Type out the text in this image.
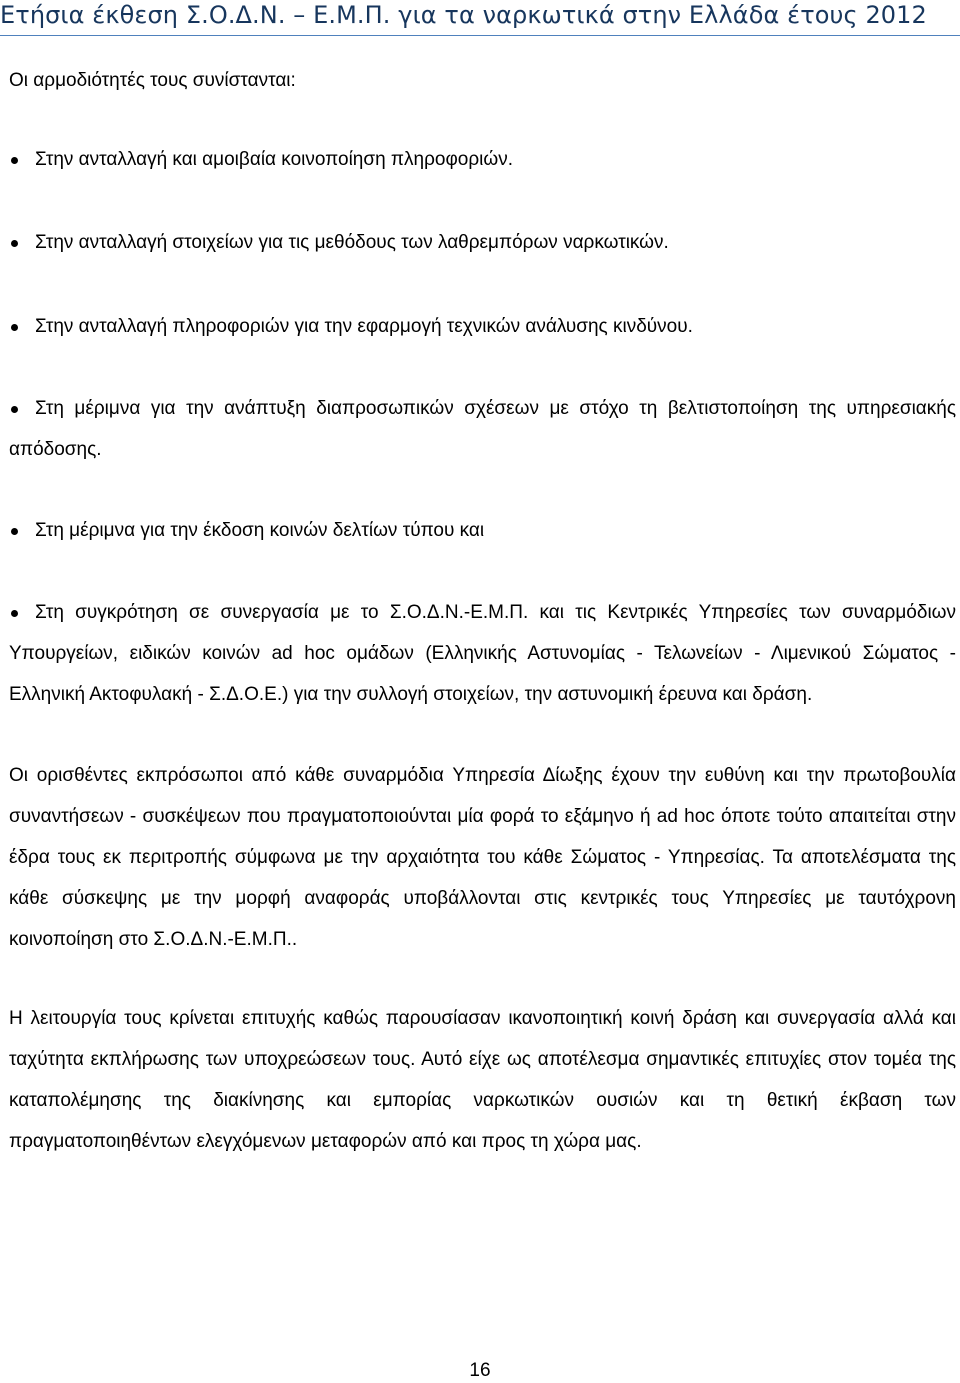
Ετήσια έκθεση Σ.Ο.Δ.Ν. – Ε.Μ.Π. για τα ναρκωτικά στην Ελλάδα έτους 2012

Οι αρμοδιότητές τους συνίστανται:

Στην ανταλλαγή και αμοιβαία κοινοποίηση πληροφοριών.
Στην ανταλλαγή στοιχείων για τις μεθόδους των λαθρεμπόρων ναρκωτικών.
Στην ανταλλαγή πληροφοριών για την εφαρμογή τεχνικών ανάλυσης κινδύνου.
Στη μέριμνα για την ανάπτυξη διαπροσωπικών σχέσεων με στόχο τη βελτιστοποίηση της υπηρεσιακής απόδοσης.
Στη μέριμνα για την έκδοση κοινών δελτίων τύπου και
Στη συγκρότηση σε συνεργασία με το Σ.Ο.Δ.Ν.-Ε.Μ.Π. και τις Κεντρικές Υπηρεσίες των συναρμόδιων Υπουργείων, ειδικών κοινών ad hoc ομάδων (Ελληνικής Αστυνομίας - Τελωνείων - Λιμενικού Σώματος - Ελληνική Ακτοφυλακή - Σ.Δ.Ο.Ε.) για την συλλογή στοιχείων, την αστυνομική έρευνα και δράση.

Οι ορισθέντες εκπρόσωποι από κάθε συναρμόδια Υπηρεσία Δίωξης έχουν την ευθύνη και την πρωτοβουλία συναντήσεων - συσκέψεων που πραγματοποιούνται μία φορά το εξάμηνο ή ad hoc όποτε τούτο απαιτείται στην έδρα τους εκ περιτροπής σύμφωνα με την αρχαιότητα του κάθε Σώματος - Υπηρεσίας. Τα αποτελέσματα της κάθε σύσκεψης με την μορφή αναφοράς υποβάλλονται στις κεντρικές τους Υπηρεσίες με ταυτόχρονη κοινοποίηση στο Σ.Ο.Δ.Ν.-Ε.Μ.Π..

Η λειτουργία τους κρίνεται επιτυχής καθώς παρουσίασαν ικανοποιητική κοινή δράση και συνεργασία αλλά και ταχύτητα εκπλήρωσης των υποχρεώσεων τους. Αυτό είχε ως αποτέλεσμα σημαντικές επιτυχίες στον τομέα της καταπολέμησης της διακίνησης και εμπορίας ναρκωτικών ουσιών και τη θετική έκβαση των πραγματοποιηθέντων ελεγχόμενων μεταφορών από και προς τη χώρα μας.

16
